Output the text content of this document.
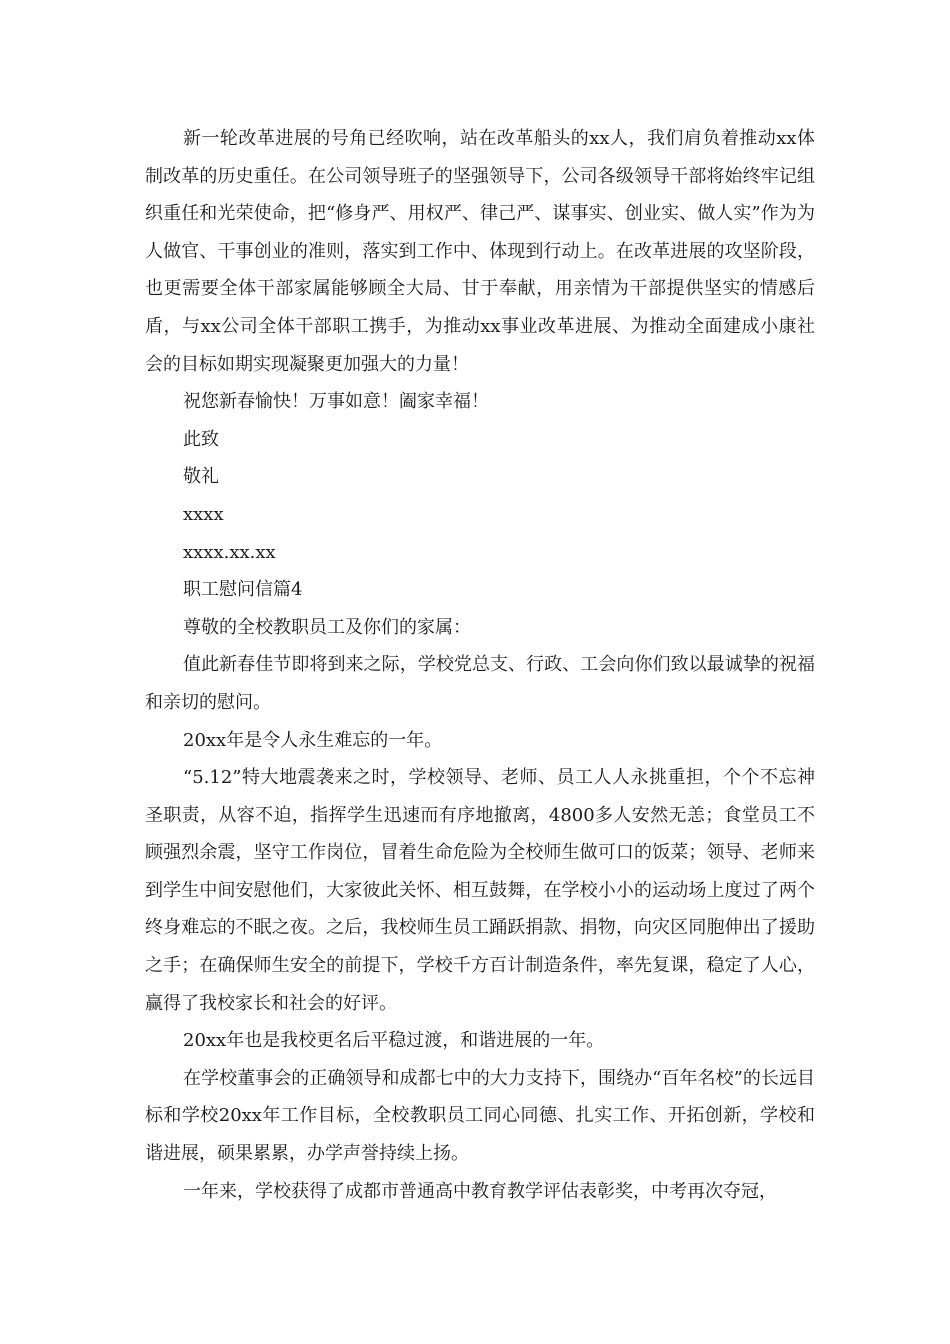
新一轮改革进展的号角已经吹响，站在改革船头的xx人，我们肩负着推动xx体制改革的历史重任。在公司领导班子的坚强领导下，公司各级领导干部将始终牢记组织重任和光荣使命，把“修身严、用权严、律己严、谋事实、创业实、做人实”作为为人做官、干事创业的准则，落实到工作中、体现到行动上。在改革进展的攻坚阶段，也更需要全体干部家属能够顾全大局、甘于奉献，用亲情为干部提供坚实的情感后盾，与xx公司全体干部职工携手，为推动xx事业改革进展、为推动全面建成小康社会的目标如期实现凝聚更加强大的力量！

祝您新春愉快！万事如意！阖家幸福！

此致

敬礼

xxxx

xxxx.xx.xx

职工慰问信篇4

尊敬的全校教职员工及你们的家属：

值此新春佳节即将到来之际，学校党总支、行政、工会向你们致以最诚挚的祝福和亲切的慰问。

20xx年是令人永生难忘的一年。

“5.12”特大地震袭来之时，学校领导、老师、员工人人永挑重担，个个不忘神圣职责，从容不迫，指挥学生迅速而有序地撤离，4800多人安然无恙；食堂员工不顾强烈余震，坚守工作岗位，冒着生命危险为全校师生做可口的饭菜；领导、老师来到学生中间安慰他们，大家彼此关怀、相互鼓舞，在学校小小的运动场上度过了两个终身难忘的不眠之夜。之后，我校师生员工踊跃捐款、捐物，向灾区同胞伸出了援助之手；在确保师生安全的前提下，学校千方百计制造条件，率先复课，稳定了人心，赢得了我校家长和社会的好评。

20xx年也是我校更名后平稳过渡，和谐进展的一年。

在学校董事会的正确领导和成都七中的大力支持下，围绕办“百年名校”的长远目标和学校20xx年工作目标，全校教职员工同心同德、扎实工作、开拓创新，学校和谐进展，硕果累累，办学声誉持续上扬。

一年来，学校获得了成都市普通高中教育教学评估表彰奖，中考再次夺冠，
